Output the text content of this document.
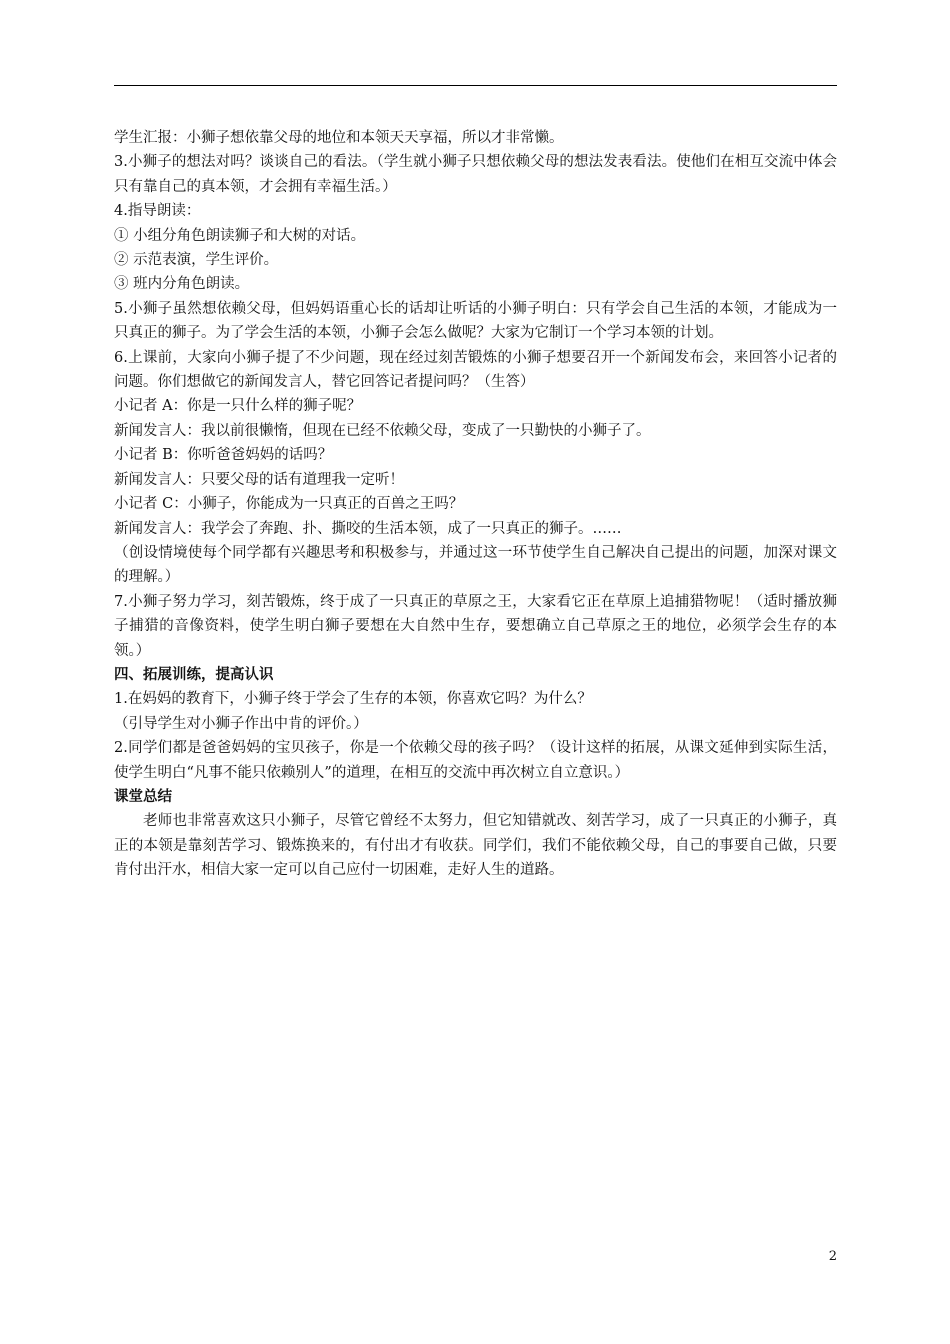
学生汇报：小狮子想依靠父母的地位和本领天天享福，所以才非常懒。

3.小狮子的想法对吗？谈谈自己的看法。（学生就小狮子只想依赖父母的想法发表看法。使他们在相互交流中体会只有靠自己的真本领，才会拥有幸福生活。）

4.指导朗读：

① 小组分角色朗读狮子和大树的对话。

② 示范表演，学生评价。

③ 班内分角色朗读。

5.小狮子虽然想依赖父母，但妈妈语重心长的话却让听话的小狮子明白：只有学会自己生活的本领，才能成为一只真正的狮子。为了学会生活的本领，小狮子会怎么做呢？大家为它制订一个学习本领的计划。

6.上课前，大家向小狮子提了不少问题，现在经过刻苦锻炼的小狮子想要召开一个新闻发布会，来回答小记者的问题。你们想做它的新闻发言人，替它回答记者提问吗？（生答）

小记者 A：你是一只什么样的狮子呢？

新闻发言人：我以前很懒惰，但现在已经不依赖父母，变成了一只勤快的小狮子了。

小记者 B：你听爸爸妈妈的话吗？

新闻发言人：只要父母的话有道理我一定听！

小记者 C：小狮子，你能成为一只真正的百兽之王吗？

新闻发言人：我学会了奔跑、扑、撕咬的生活本领，成了一只真正的狮子。……

（创设情境使每个同学都有兴趣思考和积极参与，并通过这一环节使学生自己解决自己提出的问题，加深对课文的理解。）

7.小狮子努力学习，刻苦锻炼，终于成了一只真正的草原之王，大家看它正在草原上追捕猎物呢！（适时播放狮子捕猎的音像资料，使学生明白狮子要想在大自然中生存，要想确立自己草原之王的地位，必须学会生存的本领。）

四、拓展训练，提高认识

1.在妈妈的教育下，小狮子终于学会了生存的本领，你喜欢它吗？为什么？

（引导学生对小狮子作出中肯的评价。）

2.同学们都是爸爸妈妈的宝贝孩子，你是一个依赖父母的孩子吗？（设计这样的拓展，从课文延伸到实际生活，使学生明白“凡事不能只依赖别人”的道理，在相互的交流中再次树立自立意识。）

课堂总结

老师也非常喜欢这只小狮子，尽管它曾经不太努力，但它知错就改、刻苦学习，成了一只真正的小狮子，真正的本领是靠刻苦学习、锻炼换来的，有付出才有收获。同学们，我们不能依赖父母，自己的事要自己做，只要肯付出汗水，相信大家一定可以自己应付一切困难，走好人生的道路。

2
